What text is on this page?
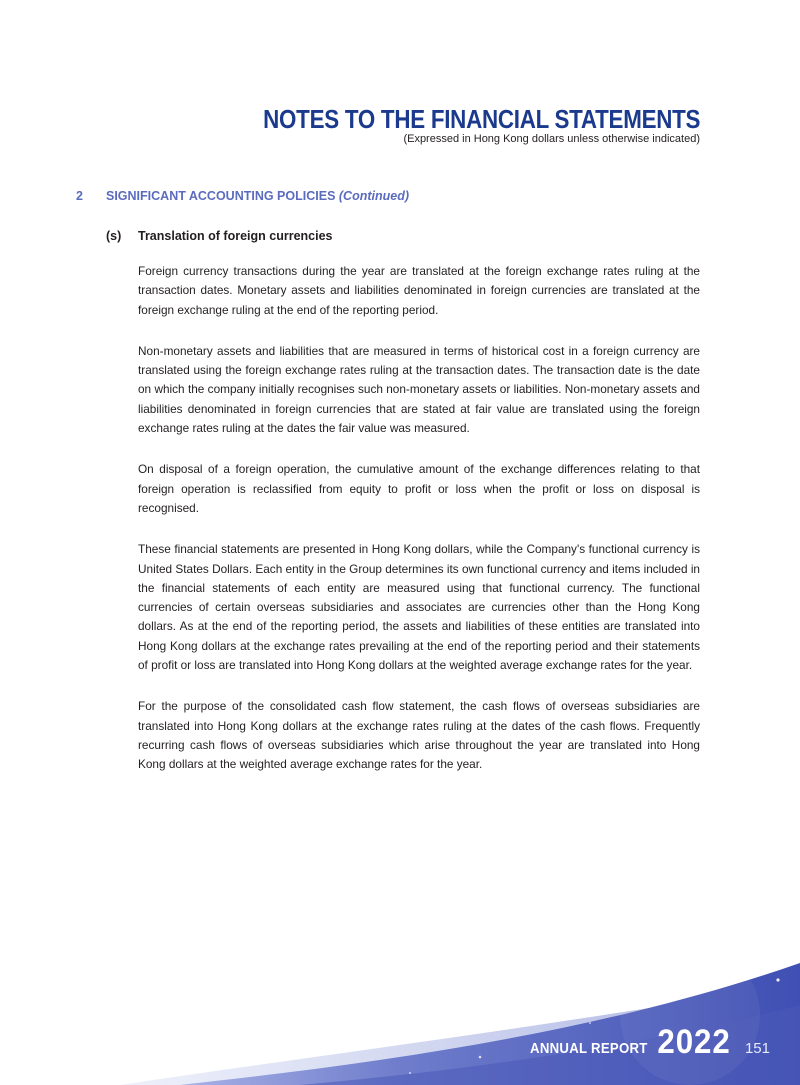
NOTES TO THE FINANCIAL STATEMENTS
(Expressed in Hong Kong dollars unless otherwise indicated)
2 SIGNIFICANT ACCOUNTING POLICIES (Continued)
(s) Translation of foreign currencies

Foreign currency transactions during the year are translated at the foreign exchange rates ruling at the transaction dates. Monetary assets and liabilities denominated in foreign currencies are translated at the foreign exchange ruling at the end of the reporting period.

Non-monetary assets and liabilities that are measured in terms of historical cost in a foreign currency are translated using the foreign exchange rates ruling at the transaction dates. The transaction date is the date on which the company initially recognises such non-monetary assets or liabilities. Non-monetary assets and liabilities denominated in foreign currencies that are stated at fair value are translated using the foreign exchange rates ruling at the dates the fair value was measured.

On disposal of a foreign operation, the cumulative amount of the exchange differences relating to that foreign operation is reclassified from equity to profit or loss when the profit or loss on disposal is recognised.

These financial statements are presented in Hong Kong dollars, while the Company's functional currency is United States Dollars. Each entity in the Group determines its own functional currency and items included in the financial statements of each entity are measured using that functional currency. The functional currencies of certain overseas subsidiaries and associates are currencies other than the Hong Kong dollars. As at the end of the reporting period, the assets and liabilities of these entities are translated into Hong Kong dollars at the exchange rates prevailing at the end of the reporting period and their statements of profit or loss are translated into Hong Kong dollars at the weighted average exchange rates for the year.

For the purpose of the consolidated cash flow statement, the cash flows of overseas subsidiaries are translated into Hong Kong dollars at the exchange rates ruling at the dates of the cash flows. Frequently recurring cash flows of overseas subsidiaries which arise throughout the year are translated into Hong Kong dollars at the weighted average exchange rates for the year.

ANNUAL REPORT 2022 151
